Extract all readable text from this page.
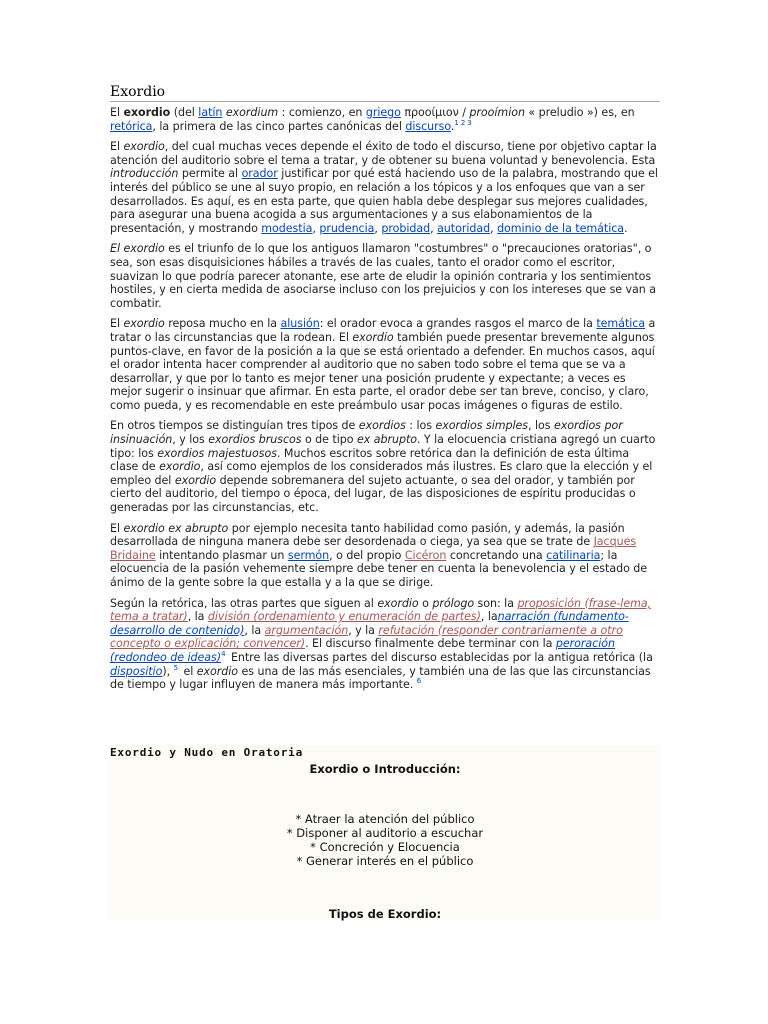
Exordio

El exordio (del latín exordium : comienzo, en griego προοίμιον / prooímion « preludio ») es, en retórica, la primera de las cinco partes canónicas del discurso.$^{1 2 3}$

El exordio, del cual muchas veces depende el éxito de todo el discurso, tiene por objetivo captar la atención del auditorio sobre el tema a tratar, y de obtener su buena voluntad y benevolencia. Esta introducción permite al orador justificar por qué está haciendo uso de la palabra, mostrando que el interés del público se une al suyo propio, en relación a los tópicos y a los enfoques que van a ser desarrollados. Es aquí, es en esta parte, que quien habla debe desplegar sus mejores cualidades, para asegurar una buena acogida a sus argumentaciones y a sus elabonamientos de la presentación, y mostrando modestia, prudencia, probidad, autoridad, dominio de la temática.

El exordio es el triunfo de lo que los antiguos llamaron "costumbres" o "precauciones oratorias", o sea, son esas disquisiciones hábiles a través de las cuales, tanto el orador como el escritor, suavizan lo que podría parecer atonante, ese arte de eludir la opinión contraria y los sentimientos hostiles, y en cierta medida de asociarse incluso con los prejuicios y con los intereses que se van a combatir.

El exordio reposa mucho en la alusión: el orador evoca a grandes rasgos el marco de la temática a tratar o las circunstancias que la rodean. El exordio también puede presentar brevemente algunos puntos-clave, en favor de la posición a la que se está orientado a defender. En muchos casos, aquí el orador intenta hacer comprender al auditorio que no saben todo sobre el tema que se va a desarrollar, y que por lo tanto es mejor tener una posición prudente y expectante; a veces es mejor sugerir o insinuar que afirmar. En esta parte, el orador debe ser tan breve, conciso, y claro, como pueda, y es recomendable en este preámbulo usar pocas imágenes o figuras de estilo.

En otros tiempos se distinguían tres tipos de exordios : los exordios simples, los exordios por insinuación, y los exordios bruscos o de tipo ex abrupto. Y la elocuencia cristiana agregó un cuarto tipo: los exordios majestuosos. Muchos escritos sobre retórica dan la definición de esta última clase de exordio, así como ejemplos de los considerados más ilustres. Es claro que la elección y el empleo del exordio depende sobremanera del sujeto actuante, o sea del orador, y también por cierto del auditorio, del tiempo o época, del lugar, de las disposiciones de espíritu producidas o generadas por las circunstancias, etc.

El exordio ex abrupto por ejemplo necesita tanto habilidad como pasión, y además, la pasión desarrollada de ninguna manera debe ser desordenada o ciega, ya sea que se trate de Jacques Bridaine intentando plasmar un sermón, o del propio Cicéron concretando una catilinaria; la elocuencia de la pasión vehemente siempre debe tener en cuenta la benevolencia y el estado de ánimo de la gente sobre la que estalla y a la que se dirige.

Según la retórica, las otras partes que siguen al exordio o prólogo son: la proposición (frase-lema, tema a tratar), la división (ordenamiento y enumeración de partes), lanarración (fundamento-desarrollo de contenido), la argumentación, y la refutación (responder contrariamente a otro concepto o explicación; convencer). El discurso finalmente debe terminar con la peroración (redondeo de ideas)$^4$ Entre las diversas partes del discurso establecidas por la antigua retórica (la dispositio), $^5$ el exordio es una de las más esenciales, y también una de las que las circunstancias de tiempo y lugar influyen de manera más importante. $^6$

Exordio y Nudo en Oratoria
Exordio o Introducción:
* Atraer la atención del público
* Disponer al auditorio a escuchar
* Concreción y Elocuencia
* Generar interés en el público
Tipos de Exordio:
